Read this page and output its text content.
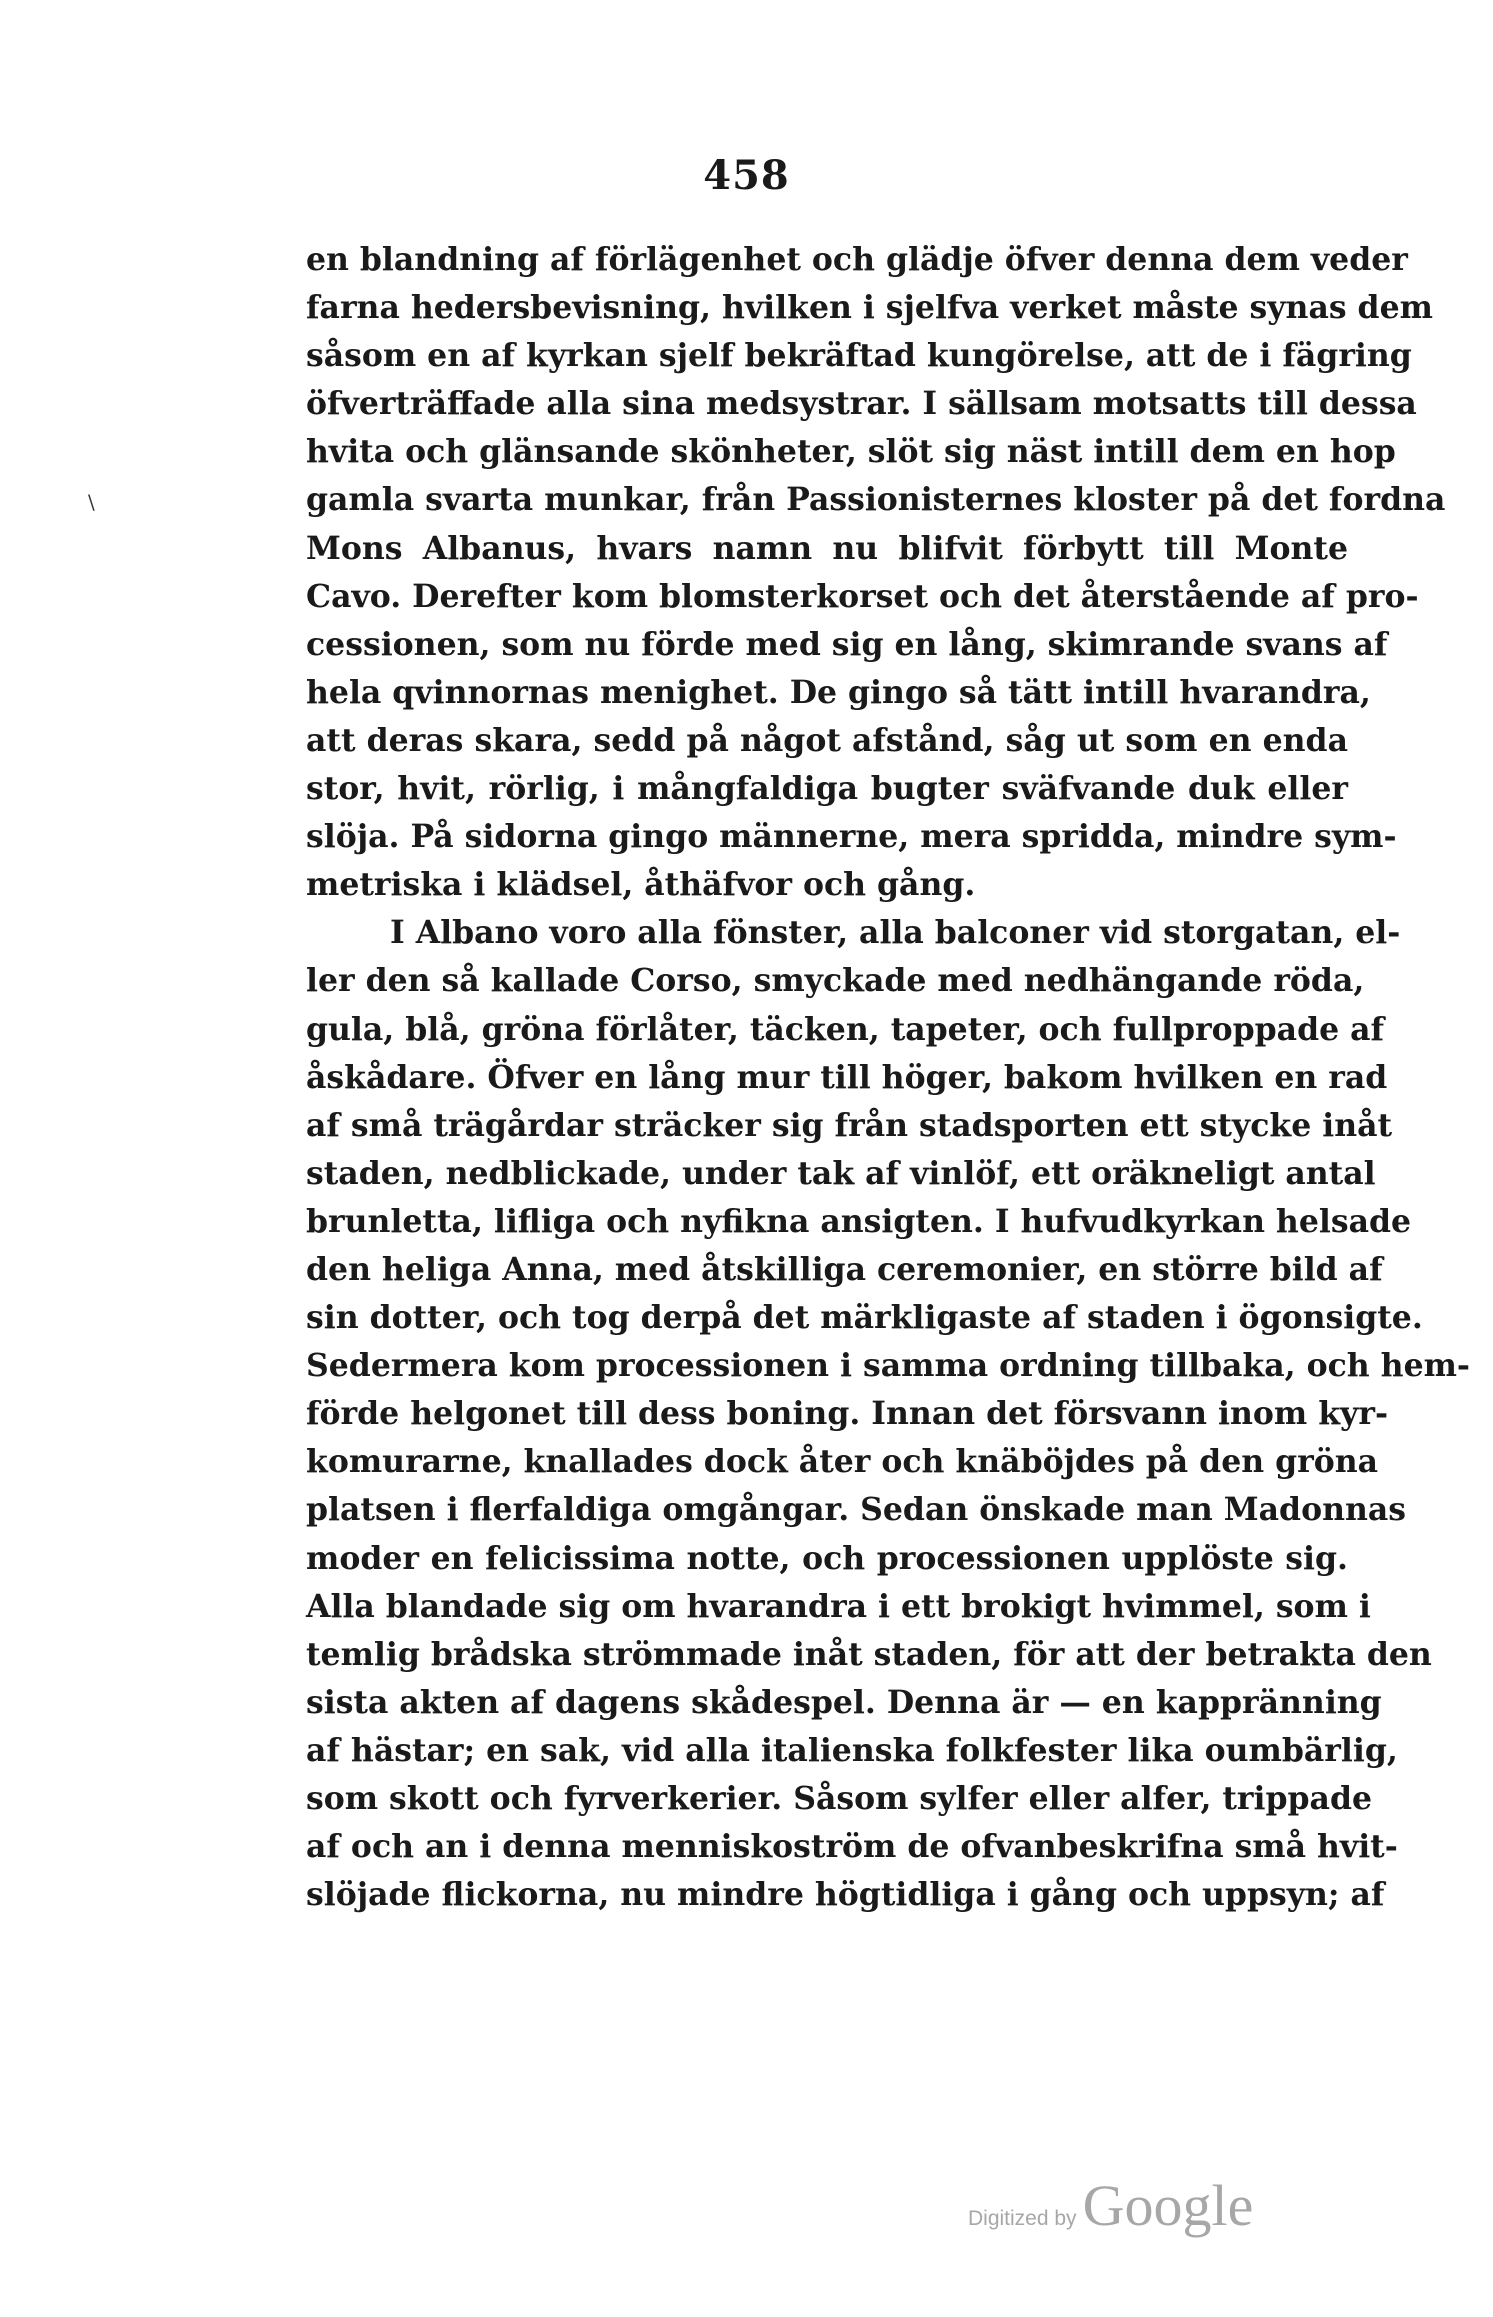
458
\
en blandning af förlägenhet och glädje öfver denna dem veder
farna hedersbevisning, hvilken i sjelfva verket måste synas dem
såsom en af kyrkan sjelf bekräftad kungörelse, att de i fägring
öfverträffade alla sina medsystrar. I sällsam motsatts till dessa
hvita och glänsande skönheter, slöt sig näst intill dem en hop
gamla svarta munkar, från Passionisternes kloster på det fordna
Mons Albanus, hvars namn nu blifvit förbytt till Monte
Cavo. Derefter kom blomsterkorset och det återstående af pro-
cessionen, som nu förde med sig en lång, skimrande svans af
hela qvinnornas menighet. De gingo så tätt intill hvarandra,
att deras skara, sedd på något afstånd, såg ut som en enda
stor, hvit, rörlig, i mångfaldiga bugter sväfvande duk eller
slöja. På sidorna gingo männerne, mera spridda, mindre sym-
metriska i klädsel, åthäfvor och gång.
I Albano voro alla fönster, alla balconer vid storgatan, el-
ler den så kallade Corso, smyckade med nedhängande röda,
gula, blå, gröna förlåter, täcken, tapeter, och fullproppade af
åskådare. Öfver en lång mur till höger, bakom hvilken en rad
af små trägårdar sträcker sig från stadsporten ett stycke inåt
staden, nedblickade, under tak af vinlöf, ett oräkneligt antal
brunletta, lifliga och nyfikna ansigten. I hufvudkyrkan helsade
den heliga Anna, med åtskilliga ceremonier, en större bild af
sin dotter, och tog derpå det märkligaste af staden i ögonsigte.
Sedermera kom processionen i samma ordning tillbaka, och hem-
förde helgonet till dess boning. Innan det försvann inom kyr-
komurarne, knallades dock åter och knäböjdes på den gröna
platsen i flerfaldiga omgångar. Sedan önskade man Madonnas
moder en felicissima notte, och processionen upplöste sig.
Alla blandade sig om hvarandra i ett brokigt hvimmel, som i
temlig brådska strömmade inåt staden, för att der betrakta den
sista akten af dagens skådespel. Denna är — en kappränning
af hästar; en sak, vid alla italienska folkfester lika oumbärlig,
som skott och fyrverkerier. Såsom sylfer eller alfer, trippade
af och an i denna menniskoström de ofvanbeskrifna små hvit-
slöjade flickorna, nu mindre högtidliga i gång och uppsyn; af
Digitized by Google
